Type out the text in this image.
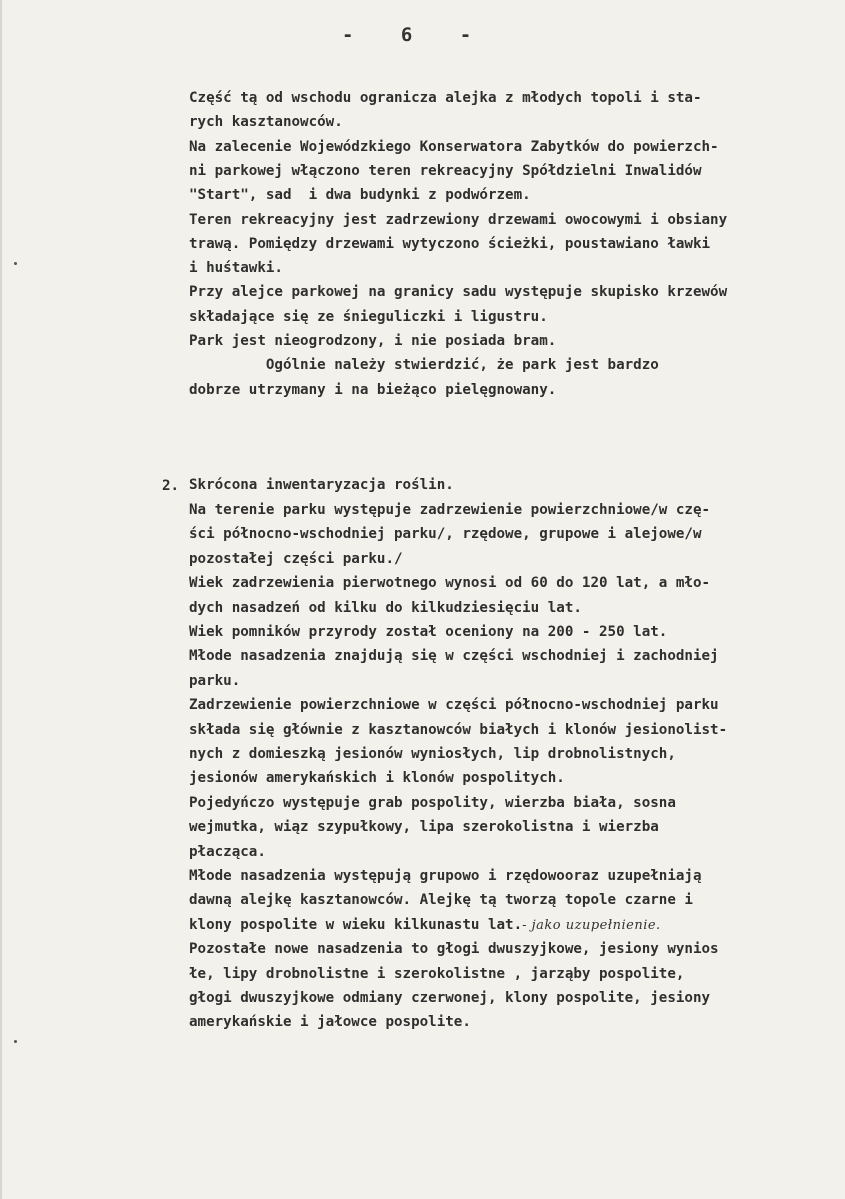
- 6 -
Część tą od wschodu ogranicza alejka z młodych topoli i sta-
rych kasztanowców.
Na zalecenie Wojewódzkiego Konserwatora Zabytków do powierzch-
ni parkowej włączono teren rekreacyjny Spółdzielni Inwalidów
"Start", sad  i dwa budynki z podwórzem.
Teren rekreacyjny jest zadrzewiony drzewami owocowymi i obsiany
trawą. Pomiędzy drzewami wytyczono ścieżki, poustawiano ławki
i huśtawki.
Przy alejce parkowej na granicy sadu występuje skupisko krzewów
składające się ze śnieguliczki i ligustru.
Park jest nieogrodzony, i nie posiada bram.
Ogólnie należy stwierdzić, że park jest bardzo
dobrze utrzymany i na bieżąco pielęgnowany.
2. Skrócona inwentaryzacja roślin.
Na terenie parku występuje zadrzewienie powierzchniowe/w czę-
ści północno-wschodniej parku/, rzędowe, grupowe i alejowe/w
pozostałej części parku./
Wiek zadrzewienia pierwotnego wynosi od 60 do 120 lat, a mło-
dych nasadzeń od kilku do kilkudziesięciu lat.
Wiek pomników przyrody został oceniony na 200 - 250 lat.
Młode nasadzenia znajdują się w części wschodniej i zachodniej
parku.
Zadrzewienie powierzchniowe w części północno-wschodniej parku
składa się głównie z kasztanowców białych i klonów jesionolist-
nych z domieszką jesionów wyniosłych, lip drobnolistnych,
jesionów amerykańskich i klonów pospolitych.
Pojedyńczo występuje grab pospolity, wierzba biała, sosna
wejmutka, wiąz szypułkowy, lipa szerokolistna i wierzba
płacząca.
Młode nasadzenia występują grupowo i rzędowooraz uzupełniają
dawną alejkę kasztanowców. Alejkę tą tworzą topole czarne i
klony pospolite w wieku kilkunastu lat.- jako uzupełnienie.
Pozostałe nowe nasadzenia to głogi dwuszyjkowe, jesiony wynios
łe, lipy drobnolistne i szerokolistne , jarząby pospolite,
głogi dwuszyjkowe odmiany czerwonej, klony pospolite, jesiony
amerykańskie i jałowce pospolite.
